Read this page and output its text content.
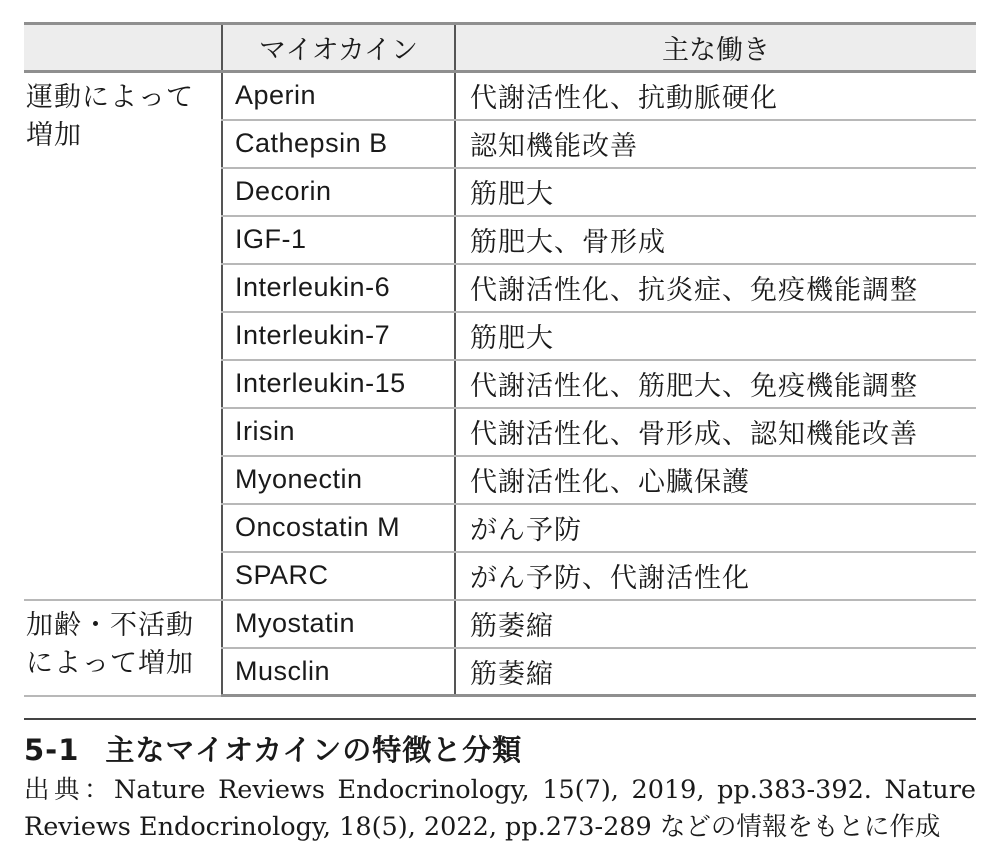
	マイオカイン	主な働き
運動によって増加	Aperin	代謝活性化、抗動脈硬化
	Cathepsin B	認知機能改善
	Decorin	筋肥大
	IGF-1	筋肥大、骨形成
	Interleukin-6	代謝活性化、抗炎症、免疫機能調整
	Interleukin-7	筋肥大
	Interleukin-15	代謝活性化、筋肥大、免疫機能調整
	Irisin	代謝活性化、骨形成、認知機能改善
	Myonectin	代謝活性化、心臓保護
	Oncostatin M	がん予防
	SPARC	がん予防、代謝活性化
加齢・不活動によって増加	Myostatin	筋萎縮
	Musclin	筋萎縮
5-1 主なマイオカインの特徴と分類
出典：Nature Reviews Endocrinology, 15(7), 2019, pp.383-392. Nature Reviews Endocrinology, 18(5), 2022, pp.273-289 などの情報をもとに作成
